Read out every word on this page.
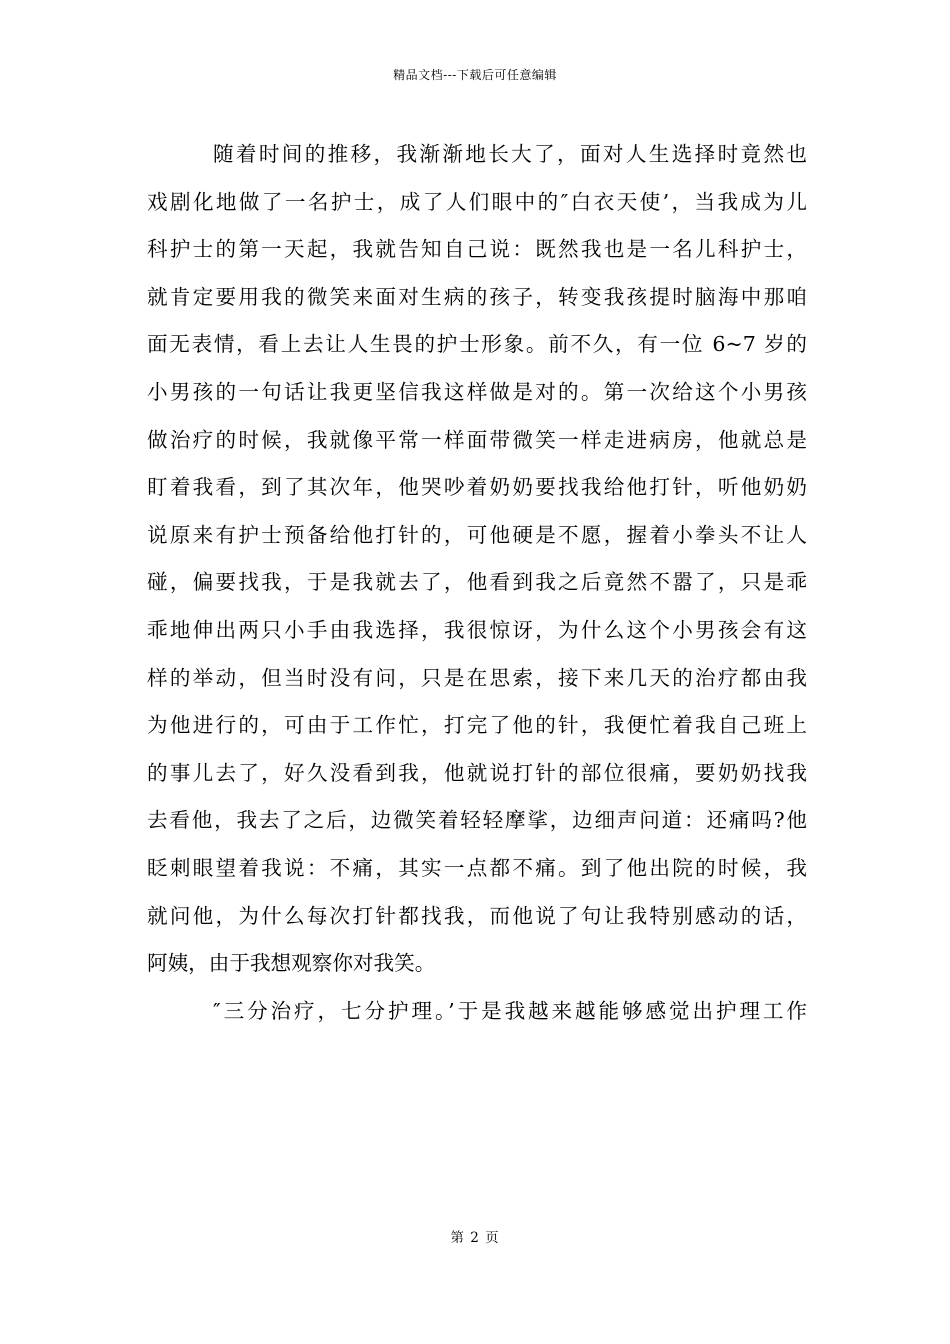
精品文档---下载后可任意编辑
随着时间的推移，我渐渐地长大了，面对人生选择时竟然也
戏剧化地做了一名护士，成了人们眼中的″白衣天使’，当我成为儿
科护士的第一天起，我就告知自己说：既然我也是一名儿科护士，
就肯定要用我的微笑来面对生病的孩子，转变我孩提时脑海中那咱
面无表情，看上去让人生畏的护士形象。前不久，有一位 6~7 岁的
小男孩的一句话让我更坚信我这样做是对的。第一次给这个小男孩
做治疗的时候，我就像平常一样面带微笑一样走进病房，他就总是
盯着我看，到了其次年，他哭吵着奶奶要找我给他打针，听他奶奶
说原来有护士预备给他打针的，可他硬是不愿，握着小拳头不让人
碰，偏要找我，于是我就去了，他看到我之后竟然不嚣了，只是乖
乖地伸出两只小手由我选择，我很惊讶，为什么这个小男孩会有这
样的举动，但当时没有问，只是在思索，接下来几天的治疗都由我
为他进行的，可由于工作忙，打完了他的针，我便忙着我自己班上
的事儿去了，好久没看到我，他就说打针的部位很痛，要奶奶找我
去看他，我去了之后，边微笑着轻轻摩挲，边细声问道：还痛吗?他
眨刺眼望着我说：不痛，其实一点都不痛。到了他出院的时候，我
就问他，为什么每次打针都找我，而他说了句让我特别感动的话，
阿姨，由于我想观察你对我笑。
″三分治疗，七分护理。’于是我越来越能够感觉出护理工作
第 2 页
